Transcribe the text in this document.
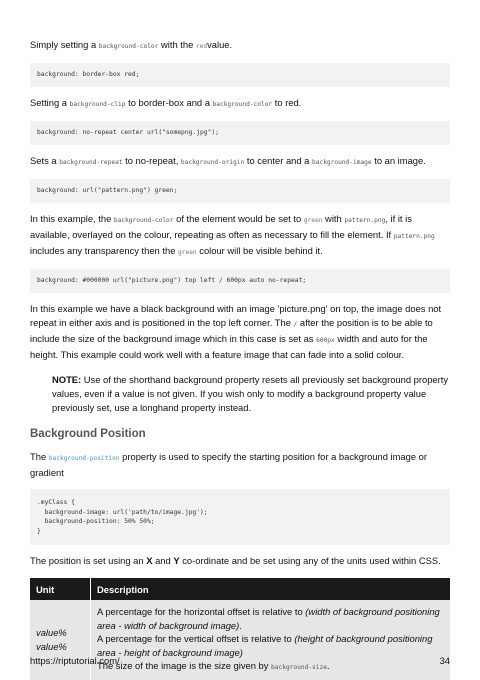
Simply setting a background-color with the redvalue.

background: border-box red;

Setting a background-clip to border-box and a background-color to red.

background: no-repeat center url("somepng.jpg");

Sets a background-repeat to no-repeat, background-origin to center and a background-image to an image.

background: url("pattern.png") green;

In this example, the background-color of the element would be set to green with pattern.png, if it is available, overlayed on the colour, repeating as often as necessary to fill the element. If pattern.png includes any transparency then the green colour will be visible behind it.

background: #000000 url("picture.png") top left / 600px auto no-repeat;

In this example we have a black background with an image 'picture.png' on top, the image does not repeat in either axis and is positioned in the top left corner. The / after the position is to be able to include the size of the background image which in this case is set as 600px width and auto for the height. This example could work well with a feature image that can fade into a solid colour.

NOTE: Use of the shorthand background property resets all previously set background property values, even if a value is not given. If you wish only to modify a background property value previously set, use a longhand property instead.
Background Position

The background-position property is used to specify the starting position for a background image or gradient

.myClass {
background-image: url('path/to/image.jpg');
background-position: 50% 50%;
}

The position is set using an X and Y co-ordinate and be set using any of the units used within CSS.

Unit	Description
value%
value%	A percentage for the horizontal offset is relative to (width of background positioning area - width of background image).
A percentage for the vertical offset is relative to (height of background positioning area - height of background image)
The size of the image is the size given by background-size.
https://riptutorial.com/	34
